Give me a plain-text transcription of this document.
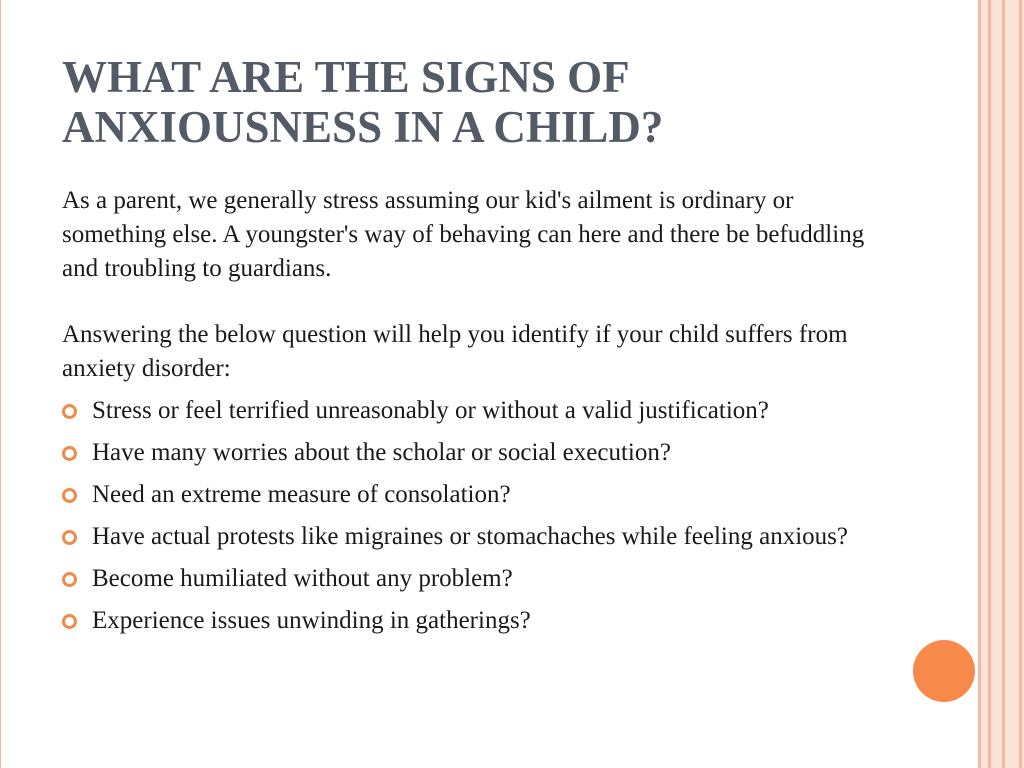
WHAT ARE THE SIGNS OF ANXIOUSNESS IN A CHILD?

As a parent, we generally stress assuming our kid's ailment is ordinary or something else. A youngster's way of behaving can here and there be befuddling and troubling to guardians.

Answering the below question will help you identify if your child suffers from anxiety disorder:

Stress or feel terrified unreasonably or without a valid justification?
Have many worries about the scholar or social execution?
Need an extreme measure of consolation?
Have actual protests like migraines or stomachaches while feeling anxious?
Become humiliated without any problem?
Experience issues unwinding in gatherings?
